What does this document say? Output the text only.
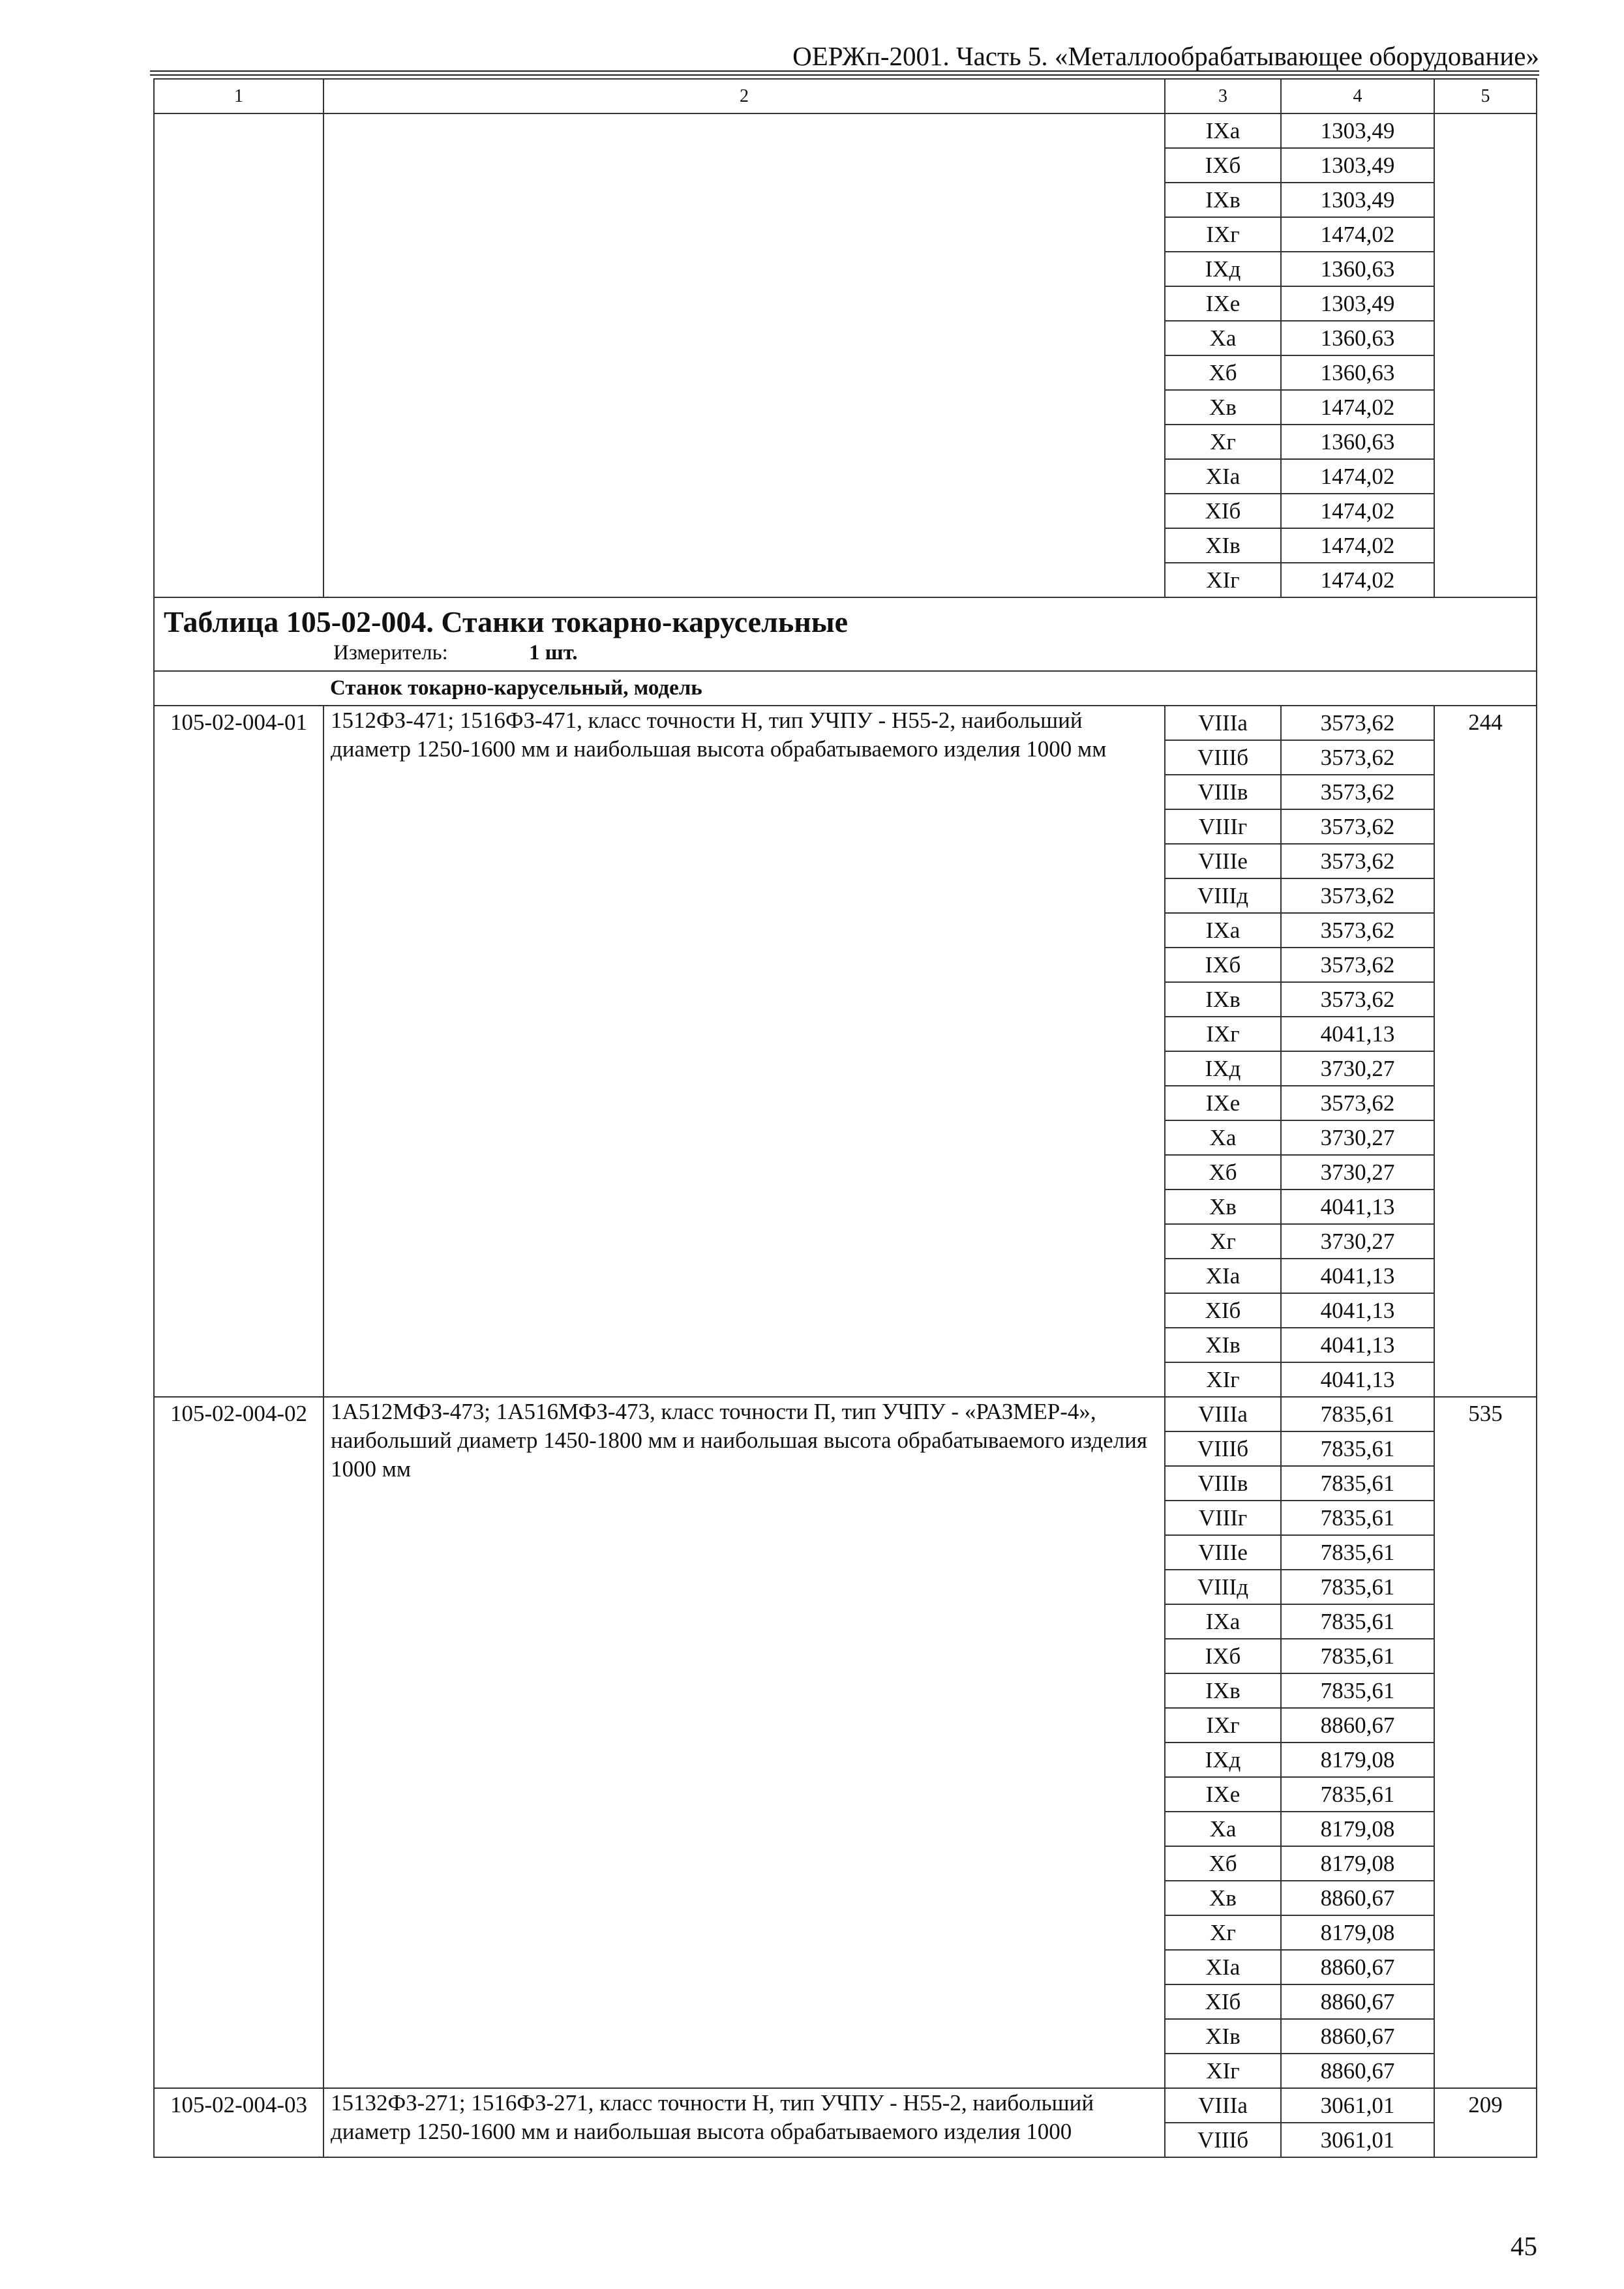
ОЕРЖп-2001. Часть 5. «Металлообрабатывающее оборудование»
1	2	3	4	5
		IXа	1303,49	
		IXб	1303,49	
		IXв	1303,49	
		IXг	1474,02	
		IXд	1360,63	
		IXе	1303,49	
		Xа	1360,63	
		Xб	1360,63	
		Xв	1474,02	
		Xг	1360,63	
		XIа	1474,02	
		XIб	1474,02	
		XIв	1474,02	
		XIг	1474,02	

Таблица 105-02-004. Станки токарно-карусельные
Измеритель: 1 шт.				

	Станок токарно-карусельный, модель			
105-02-004-01	1512ФЗ-471; 1516ФЗ-471, класс точности Н, тип УЧПУ - Н55-2, наибольший диаметр 1250-1600 мм и наибольшая высота обрабатываемого изделия 1000 мм	VIIIа	3573,62	244
		VIIIб	3573,62	
		VIIIв	3573,62	
		VIIIг	3573,62	
		VIIIе	3573,62	
		VIIIд	3573,62	
		IXа	3573,62	
		IXб	3573,62	
		IXв	3573,62	
		IXг	4041,13	
		IXд	3730,27	
		IXе	3573,62	
		Xа	3730,27	
		Xб	3730,27	
		Xв	4041,13	
		Xг	3730,27	
		XIа	4041,13	
		XIб	4041,13	
		XIв	4041,13	
		XIг	4041,13	
105-02-004-02	1А512МФЗ-473; 1А516МФЗ-473, класс точности П, тип УЧПУ - «РАЗМЕР-4», наибольший диаметр 1450-1800 мм и наибольшая высота обрабатываемого изделия 1000 мм	VIIIа	7835,61	535
		VIIIб	7835,61	
		VIIIв	7835,61	
		VIIIг	7835,61	
		VIIIе	7835,61	
		VIIIд	7835,61	
		IXа	7835,61	
		IXб	7835,61	
		IXв	7835,61	
		IXг	8860,67	
		IXд	8179,08	
		IXе	7835,61	
		Xа	8179,08	
		Xб	8179,08	
		Xв	8860,67	
		Xг	8179,08	
		XIа	8860,67	
		XIб	8860,67	
		XIв	8860,67	
		XIг	8860,67	
105-02-004-03	15132ФЗ-271; 1516ФЗ-271, класс точности Н, тип УЧПУ - Н55-2, наибольший диаметр 1250-1600 мм и наибольшая высота обрабатываемого изделия 1000	VIIIа	3061,01	209
		VIIIб	3061,01	
45
